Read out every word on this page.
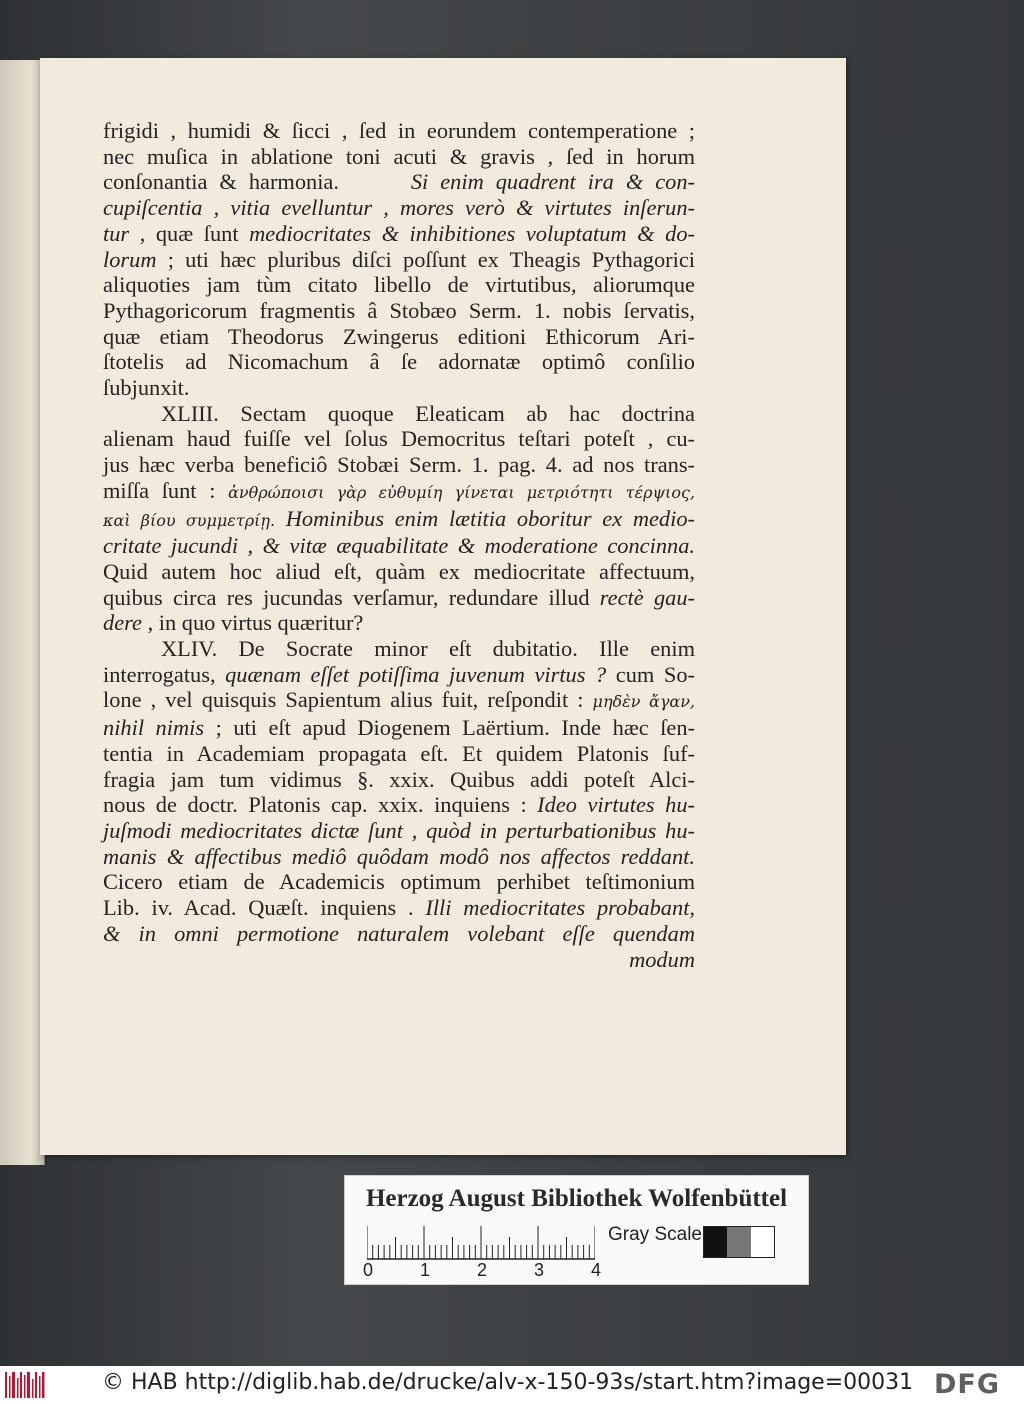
frigidi , humidi & ſicci , ſed in eorundem contemperatione ;
nec muſica in ablatione toni acuti & gravis , ſed in horum
conſonantia & harmonia.	Si enim quadrent ira & con-
cupiſcentia , vitia evelluntur , mores verò & virtutes inſerun-
tur , quæ ſunt mediocritates & inhibitiones voluptatum & do-
lorum ; uti hæc pluribus diſci poſſunt ex Theagis Pythagorici
aliquoties jam tùm citato libello de virtutibus, aliorumque
Pythagoricorum fragmentis â Stobæo Serm. 1. nobis ſervatis,
quæ etiam Theodorus Zwingerus editioni Ethicorum Ari-
ſtotelis ad Nicomachum â ſe adornatæ optimô conſilio
ſubjunxit.
XLIII. Sectam quoque Eleaticam ab hac doctrina
alienam haud fuiſſe vel ſolus Democritus teſtari poteſt , cu-
jus hæc verba beneficiô Stobæi Serm. 1. pag. 4. ad nos trans-
miſſa ſunt : ἀνθρώποισι γὰρ εὐθυμίη γίνεται μετριότητι τέρψιος,
καὶ βίου συμμετρίῃ. Hominibus enim lætitia oboritur ex medio-
critate jucundi , & vitæ æquabilitate & moderatione concinna.
Quid autem hoc aliud eſt, quàm ex mediocritate affectuum,
quibus circa res jucundas verſamur, redundare illud rectè gau-
dere , in quo virtus quæritur?
XLIV. De Socrate minor eſt dubitatio. Ille enim
interrogatus, quænam eſſet potiſſima juvenum virtus ? cum So-
lone , vel quisquis Sapientum alius fuit, reſpondit : μηδὲν ἄγαν,
nihil nimis ; uti eſt apud Diogenem Laërtium. Inde hæc ſen-
tentia in Academiam propagata eſt. Et quidem Platonis ſuf-
fragia jam tum vidimus §. xxix. Quibus addi poteſt Alci-
nous de doctr. Platonis cap. xxix. inquiens : Ideo virtutes hu-
juſmodi mediocritates dictæ ſunt , quòd in perturbationibus hu-
manis & affectibus mediô quôdam modô nos affectos reddant.
Cicero etiam de Academicis optimum perhibet teſtimonium
Lib. iv. Acad. Quæſt. inquiens . Illi mediocritates probabant,
& in omni permotione naturalem volebant eſſe quendam
modum
Herzog August Bibliothek Wolfenbüttel
0	1	2	3	4
Gray Scale
© HAB http://diglib.hab.de/drucke/alv-x-150-93s/start.htm?image=00031 DFG
